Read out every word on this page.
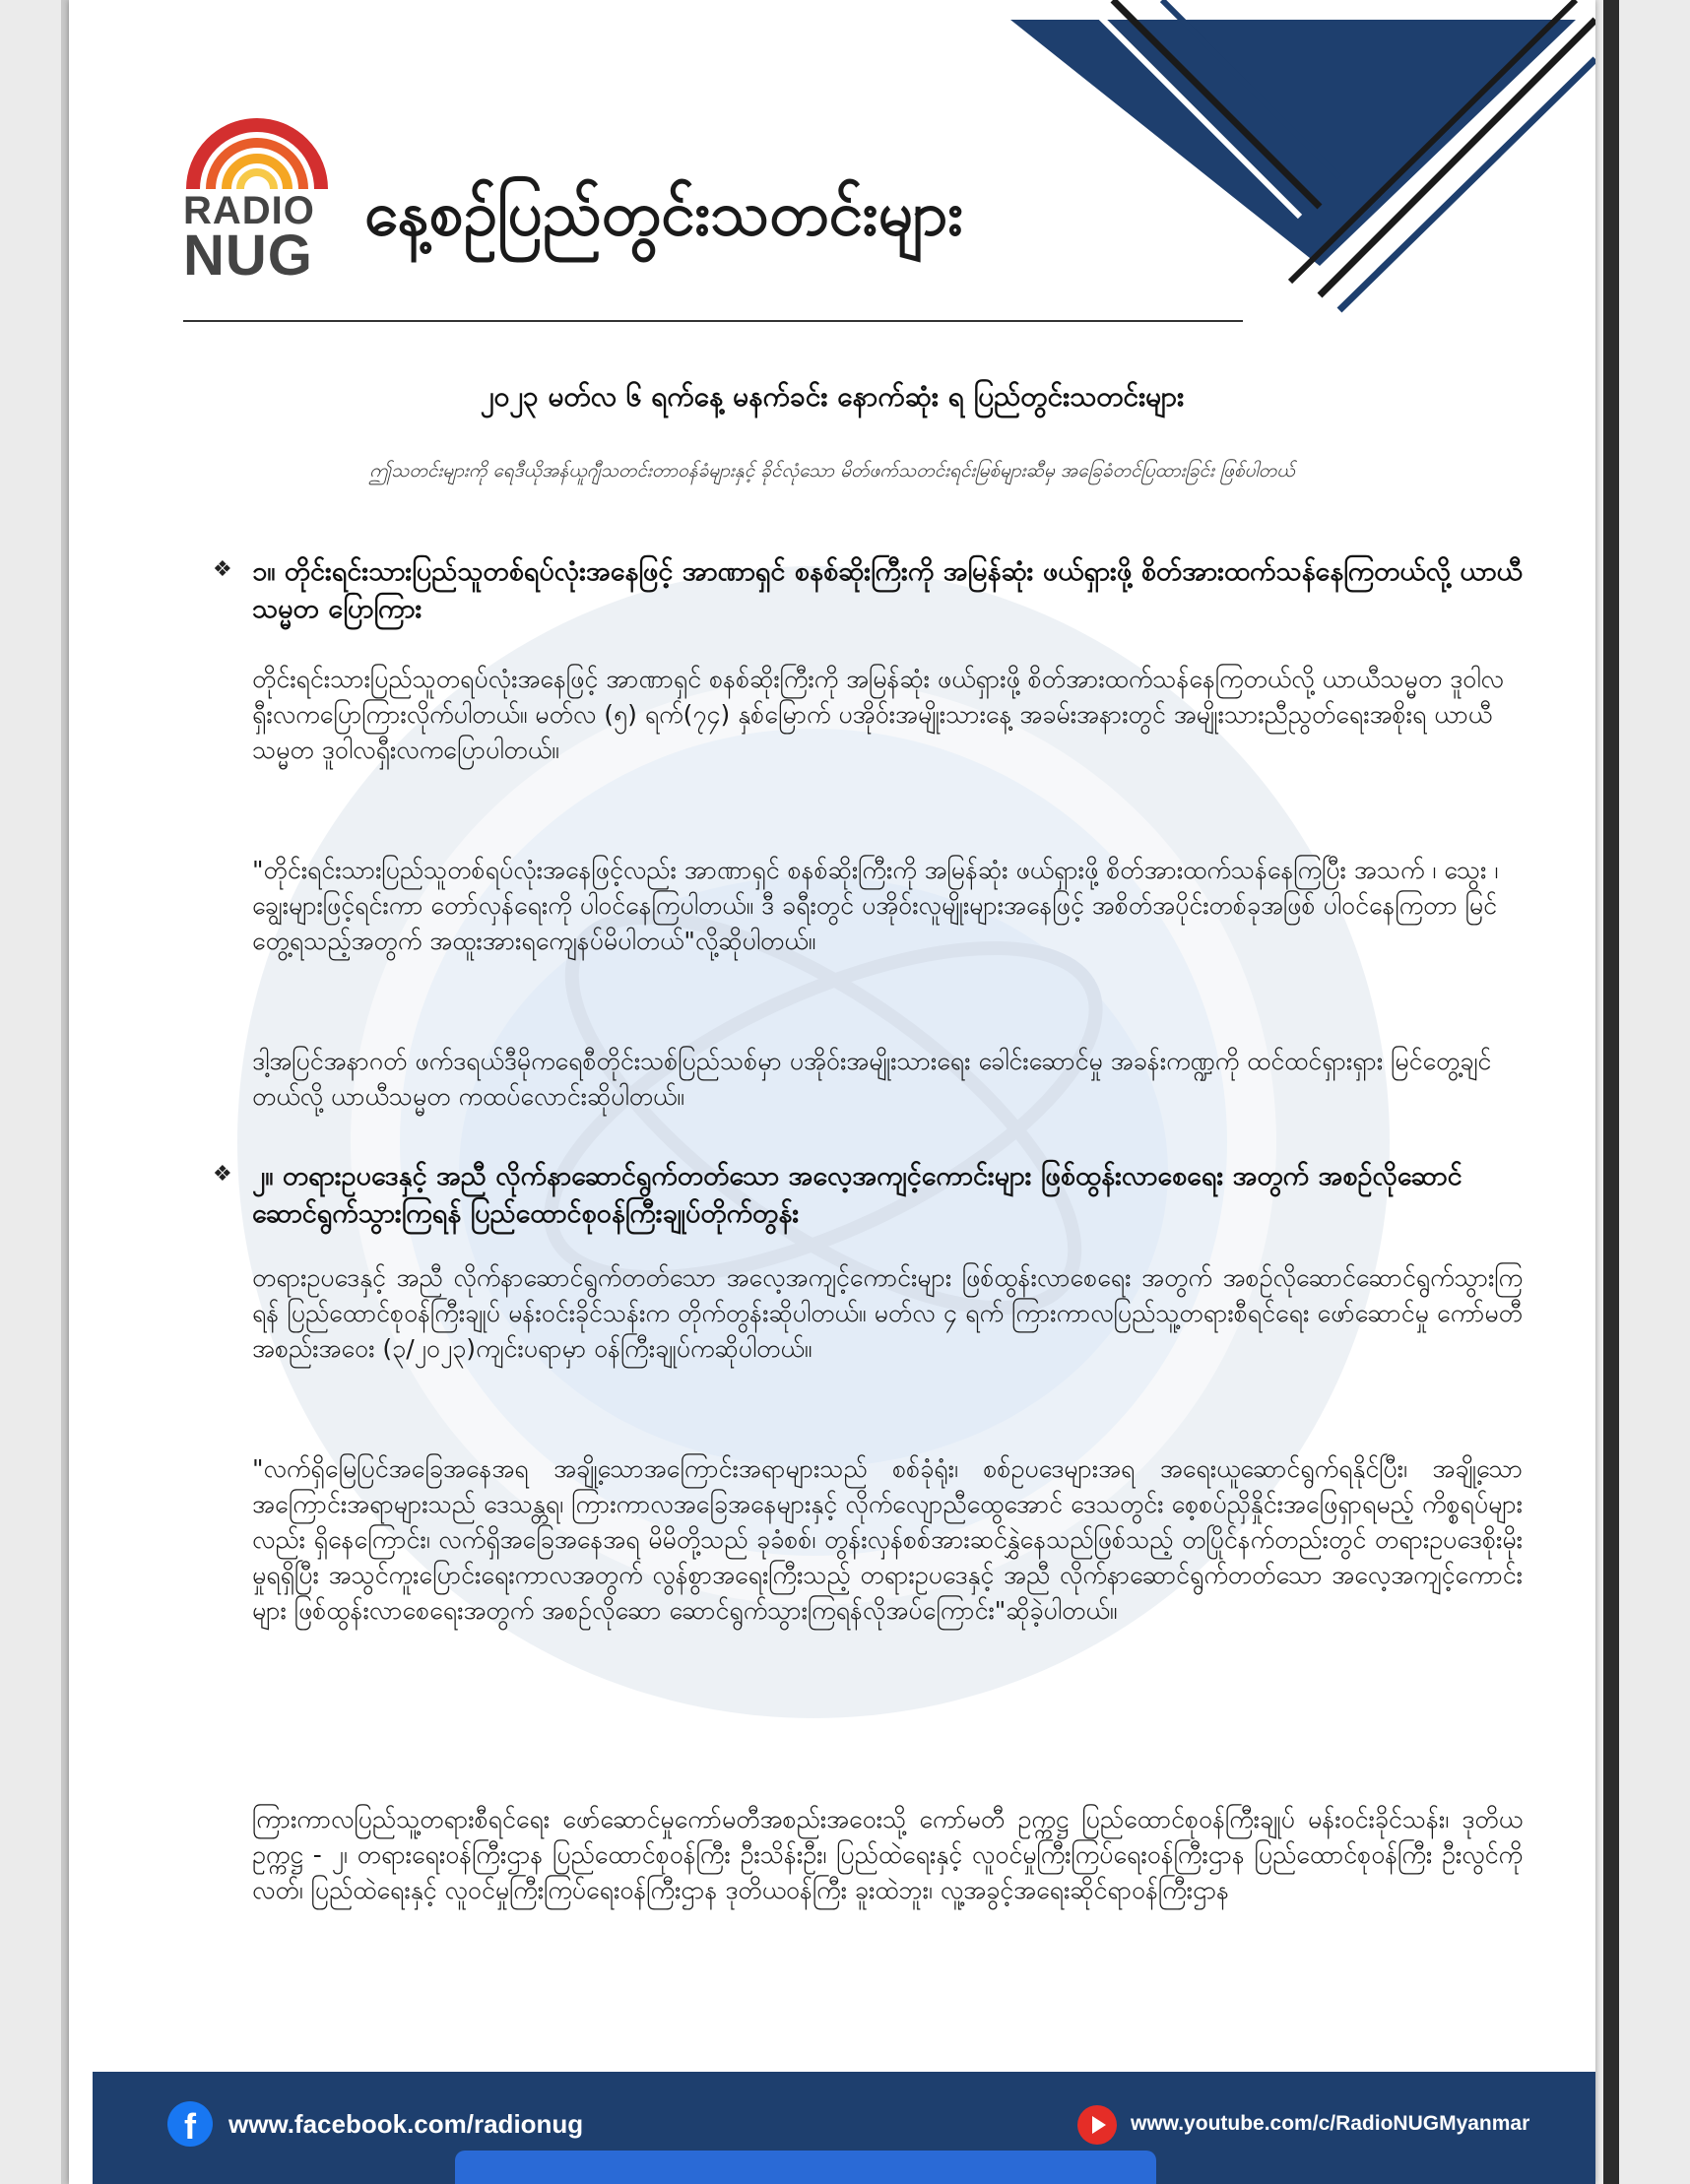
RADIO
NUG
နေ့စဉ်ပြည်တွင်းသတင်းများ
၂၀၂၃ မတ်လ ၆ ရက်နေ့ မနက်ခင်း နောက်ဆုံး ရ ပြည်တွင်းသတင်းများ
ဤသတင်းများကို ရေဒီယိုအန်ယူဂျီသတင်းတာဝန်ခံများနှင့် ခိုင်လုံသော မိတ်ဖက်သတင်းရင်းမြစ်များဆီမှ အခြေခံတင်ပြထားခြင်း ဖြစ်ပါတယ်
❖ ၁။ တိုင်းရင်းသားပြည်သူတစ်ရပ်လုံးအနေဖြင့် အာဏာရှင် စနစ်ဆိုးကြီးကို အမြန်ဆုံး ဖယ်ရှားဖို့ စိတ်အားထက်သန်နေကြတယ်လို့ ယာယီသမ္မတ ပြောကြား
တိုင်းရင်းသားပြည်သူတရပ်လုံးအနေဖြင့် အာဏာရှင် စနစ်ဆိုးကြီးကို အမြန်ဆုံး ဖယ်ရှားဖို့ စိတ်အားထက်သန်နေကြတယ်လို့ ယာယီသမ္မတ ဒူဝါလရှီးလကပြောကြားလိုက်ပါတယ်။ မတ်လ (၅) ရက်(၇၄) နှစ်မြောက် ပအိုဝ်းအမျိုးသားနေ့ အခမ်းအနားတွင် အမျိုးသားညီညွတ်ရေးအစိုးရ ယာယီသမ္မတ ဒူဝါလရှီးလကပြောပါတယ်။
"တိုင်းရင်းသားပြည်သူတစ်ရပ်လုံးအနေဖြင့်လည်း အာဏာရှင် စနစ်ဆိုးကြီးကို အမြန်ဆုံး ဖယ်ရှားဖို့ စိတ်အားထက်သန်နေကြပြီး အသက် ၊ သွေး ၊ ချွေးများဖြင့်ရင်းကာ တော်လှန်ရေးကို ပါဝင်နေကြပါတယ်။ ဒီ ခရီးတွင် ပအိုဝ်းလူမျိုးများအနေဖြင့် အစိတ်အပိုင်းတစ်ခုအဖြစ် ပါဝင်နေကြတာ မြင်တွေ့ရသည့်အတွက် အထူးအားရကျေနပ်မိပါတယ်"လို့ဆိုပါတယ်။
ဒါ့အပြင်အနာဂတ် ဖက်ဒရယ်ဒီမိုကရေစီတိုင်းသစ်ပြည်သစ်မှာ ပအိုဝ်းအမျိုးသားရေး ခေါင်းဆောင်မှု အခန်းကဏ္ဍကို ထင်ထင်ရှားရှား မြင်တွေ့ချင်တယ်လို့ ယာယီသမ္မတ ကထပ်လောင်းဆိုပါတယ်။
❖ ၂။ တရားဥပဒေနှင့် အညီ လိုက်နာဆောင်ရွက်တတ်သော အလေ့အကျင့်ကောင်းများ ဖြစ်ထွန်းလာစေရေး အတွက် အစဉ်လိုဆောင်ဆောင်ရွက်သွားကြရန် ပြည်ထောင်စုဝန်ကြီးချုပ်တိုက်တွန်း
တရားဥပဒေနှင့် အညီ လိုက်နာဆောင်ရွက်တတ်သော အလေ့အကျင့်ကောင်းများ ဖြစ်ထွန်းလာစေရေး အတွက် အစဉ်လိုဆောင်ဆောင်ရွက်သွားကြရန် ပြည်ထောင်စုဝန်ကြီးချုပ် မန်းဝင်းခိုင်သန်းက တိုက်တွန်းဆိုပါတယ်။ မတ်လ ၄ ရက် ကြားကာလပြည်သူ့တရားစီရင်ရေး ဖော်ဆောင်မှု ကော်မတီ အစည်းအဝေး (၃/၂၀၂၃)ကျင်းပရာမှာ ဝန်ကြီးချုပ်ကဆိုပါတယ်။
"လက်ရှိမြေပြင်အခြေအနေအရ အချို့သောအကြောင်းအရာများသည် စစ်ခုံရုံး၊ စစ်ဥပဒေများအရ အရေးယူဆောင်ရွက်ရနိုင်ပြီး၊ အချို့သော အကြောင်းအရာများသည် ဒေသန္တရ၊ ကြားကာလအခြေအနေများနှင့် လိုက်လျောညီထွေအောင် ဒေသတွင်း စေ့စပ်ညှိနှိုင်းအဖြေရှာရမည့် ကိစ္စရပ်များလည်း ရှိနေကြောင်း၊ လက်ရှိအခြေအနေအရ မိမိတို့သည် ခုခံစစ်၊ တွန်းလှန်စစ်အားဆင်နွှဲနေသည်ဖြစ်သည့် တပြိုင်နက်တည်းတွင် တရားဥပဒေစိုးမိုးမှုရရှိပြီး အသွင်ကူးပြောင်းရေးကာလအတွက် လွန်စွာအရေးကြီးသည့် တရားဥပဒေနှင့် အညီ လိုက်နာဆောင်ရွက်တတ်သော အလေ့အကျင့်ကောင်းများ ဖြစ်ထွန်းလာစေရေးအတွက် အစဉ်လိုဆော ဆောင်ရွက်သွားကြရန်လိုအပ်ကြောင်း"ဆိုခဲ့ပါတယ်။
ကြားကာလပြည်သူ့တရားစီရင်ရေး ဖော်ဆောင်မှုကော်မတီအစည်းအဝေးသို့ ကော်မတီ ဥက္ကဋ္ဌ ပြည်ထောင်စုဝန်ကြီးချုပ် မန်းဝင်းခိုင်သန်း၊ ဒုတိယဥက္ကဋ္ဌ - ၂၊ တရားရေးဝန်ကြီးဌာန ပြည်ထောင်စုဝန်ကြီး ဦးသိန်းဦး၊ ပြည်ထဲရေးနှင့် လူဝင်မှုကြီးကြပ်ရေးဝန်ကြီးဌာန ပြည်ထောင်စုဝန်ကြီး ဦးလွင်ကိုလတ်၊ ပြည်ထဲရေးနှင့် လူဝင်မှုကြီးကြပ်ရေးဝန်ကြီးဌာန ဒုတိယဝန်ကြီး ခူးထဲဘူး၊ လူ့အခွင့်အရေးဆိုင်ရာဝန်ကြီးဌာန
f	www.facebook.com/radionug	www.youtube.com/c/RadioNUGMyanmar
